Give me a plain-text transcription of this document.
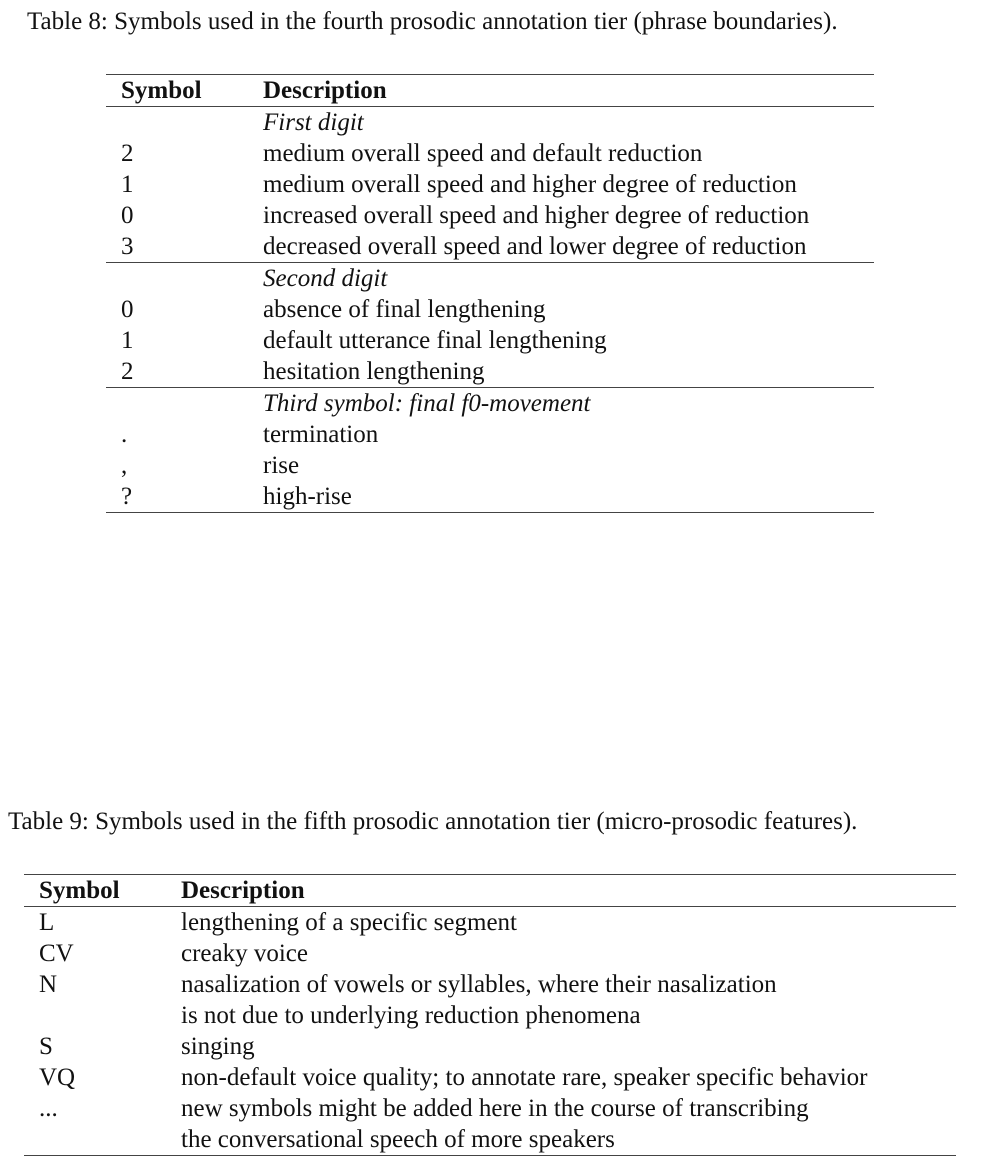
Table 8: Symbols used in the fourth prosodic annotation tier (phrase boundaries).
Symbol	Description
	First digit
2	medium overall speed and default reduction
1	medium overall speed and higher degree of reduction
0	increased overall speed and higher degree of reduction
3	decreased overall speed and lower degree of reduction
	Second digit
0	absence of final lengthening
1	default utterance final lengthening
2	hesitation lengthening
	Third symbol: final f0-movement
.	termination
,	rise
?	high-rise
Table 9: Symbols used in the fifth prosodic annotation tier (micro-prosodic features).
Symbol	Description
L	lengthening of a specific segment
CV	creaky voice
N	nasalization of vowels or syllables, where their nasalization
	is not due to underlying reduction phenomena
S	singing
VQ	non-default voice quality; to annotate rare, speaker specific behavior
...	new symbols might be added here in the course of transcribing
	the conversational speech of more speakers
